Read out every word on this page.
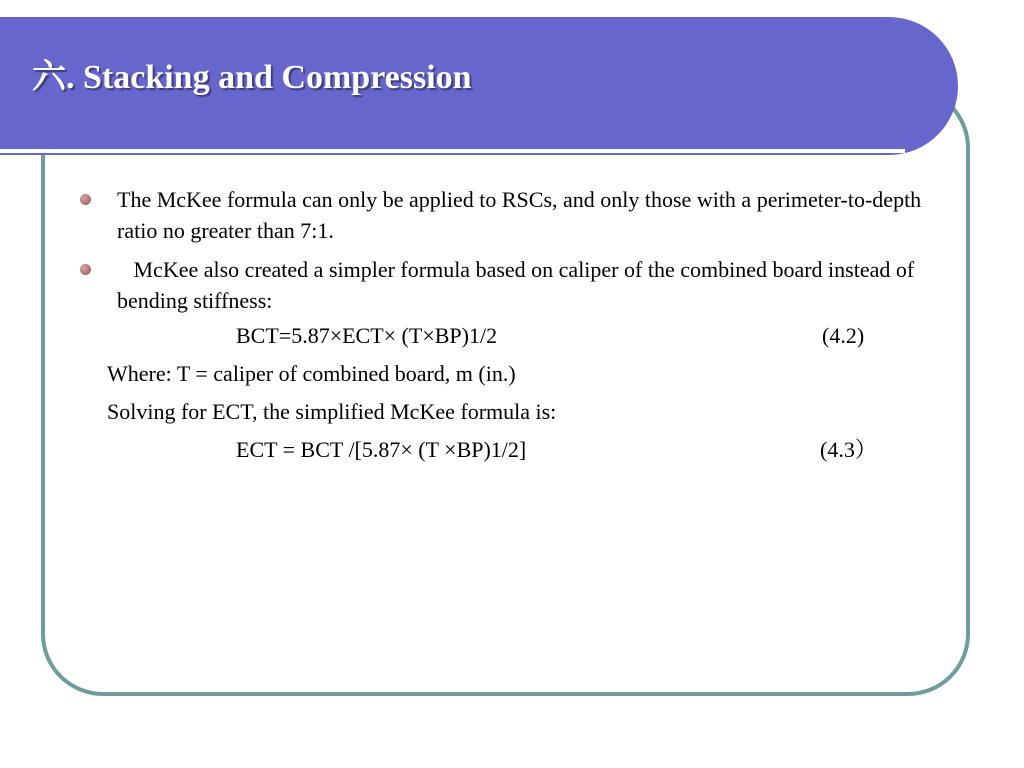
六. Stacking and Compression

The McKee formula can only be applied to RSCs, and only those with a perimeter-to-depth ratio no greater than 7:1.

McKee also created a simpler formula based on caliper of the combined board instead of bending stiffness:

BCT=5.87×ECT× (T×BP)1/2	(4.2)

Where: T = caliper of combined board, m (in.)

Solving for ECT, the simplified McKee formula is:

ECT = BCT /[5.87× (T ×BP)1/2]	(4.3）
